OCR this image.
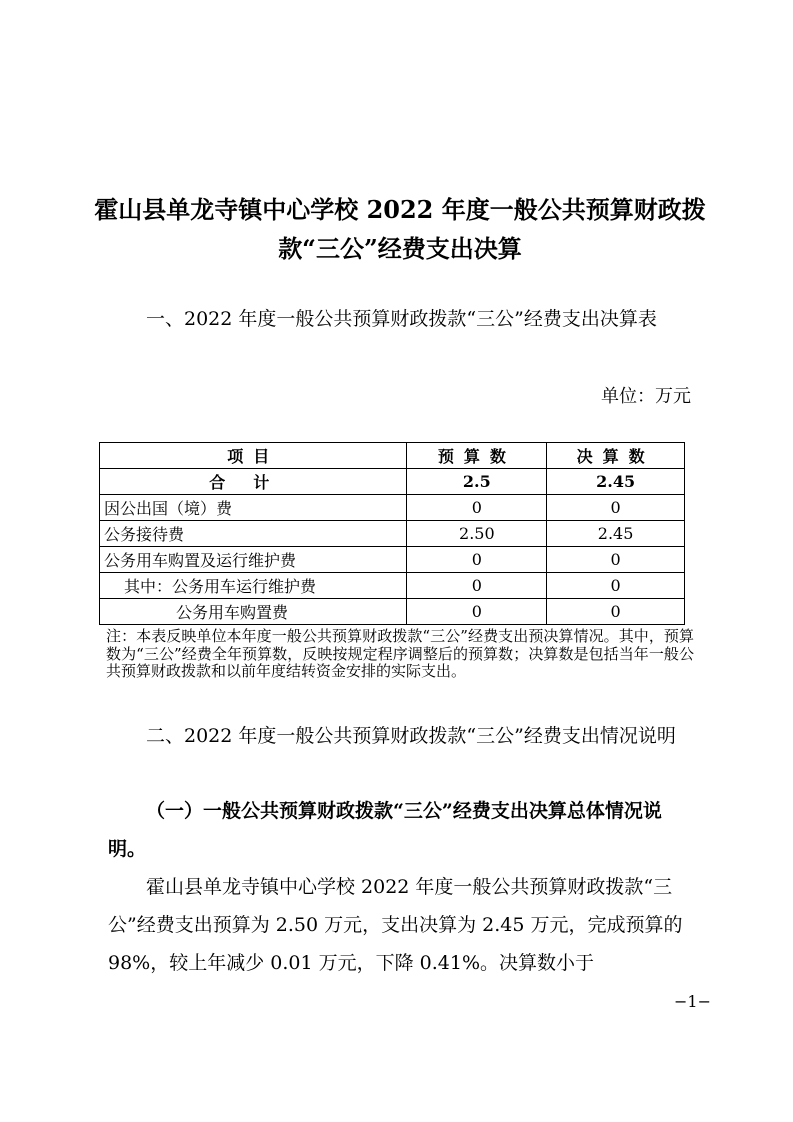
霍山县单龙寺镇中心学校 2022 年度一般公共预算财政拨
款“三公”经费支出决算

一、2022 年度一般公共预算财政拨款“三公”经费支出决算表

单位：万元

项目	预算数	决算数
合计	2.5	2.45
因公出国（境）费	0	0
公务接待费	2.50	2.45
公务用车购置及运行维护费	0	0
其中：公务用车运行维护费	0	0
公务用车购置费	0	0

注：本表反映单位本年度一般公共预算财政拨款“三公”经费支出预决算情况。其中，预算数为“三公”经费全年预算数，反映按规定程序调整后的预算数；决算数是包括当年一般公共预算财政拨款和以前年度结转资金安排的实际支出。

二、2022 年度一般公共预算财政拨款“三公”经费支出情况说明

（一）一般公共预算财政拨款“三公”经费支出决算总体情况说明。

霍山县单龙寺镇中心学校 2022 年度一般公共预算财政拨款“三公”经费支出预算为 2.50 万元，支出决算为 2.45 万元，完成预算的 98%，较上年减少 0.01 万元，下降 0.41%。决算数小于

−1−
